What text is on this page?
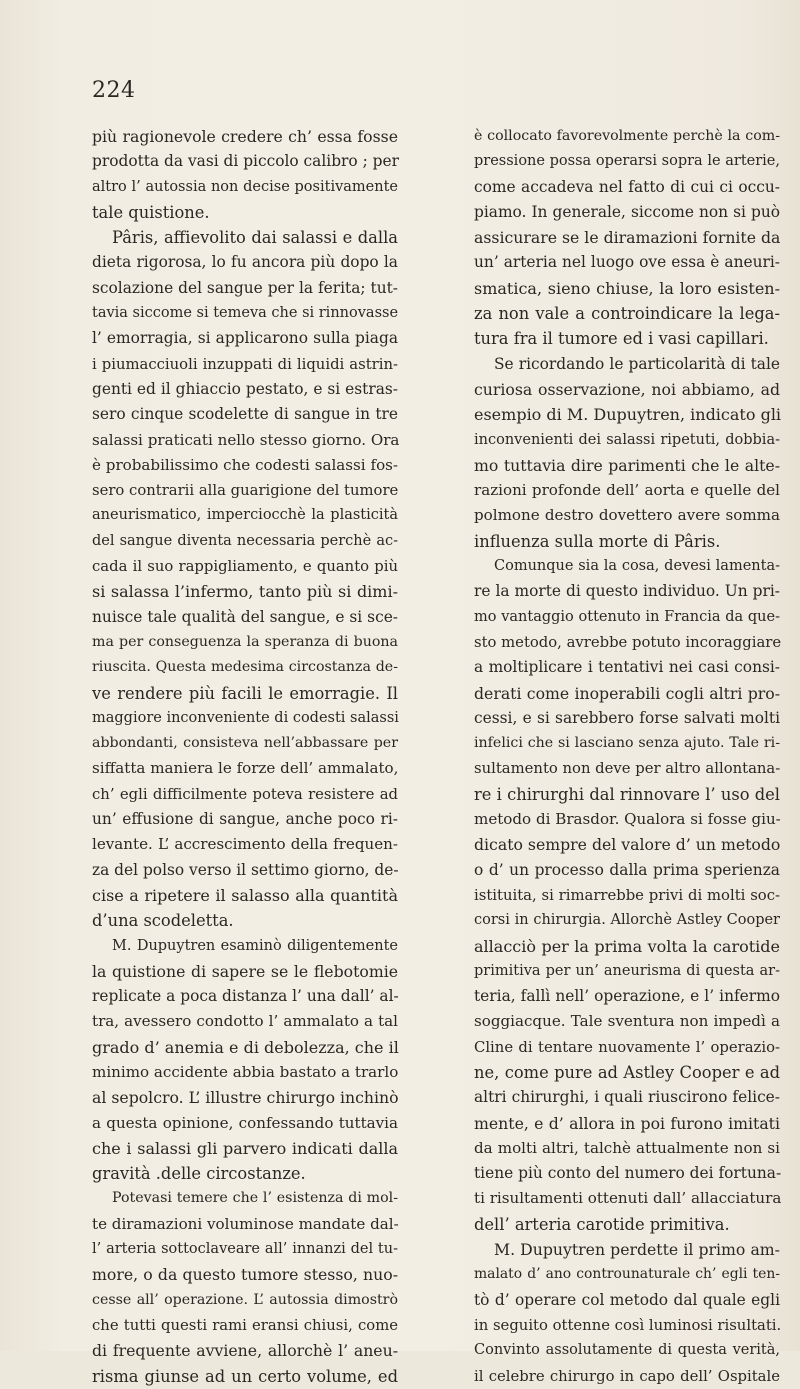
224
più ragionevole credere ch’ essa fosse
prodotta da vasi di piccolo calibro ; per
altro l’ autossia non decise positivamente
tale quistione.
Pâris, affievolito dai salassi e dalla
dieta rigorosa, lo fu ancora più dopo la
scolazione del sangue per la ferita; tut-
tavia siccome si temeva che si rinnovasse
l’ emorragia, si applicarono sulla piaga
i piumacciuoli inzuppati di liquidi astrin-
genti ed il ghiaccio pestato, e si estras-
sero cinque scodelette di sangue in tre
salassi praticati nello stesso giorno. Ora
è probabilissimo che codesti salassi fos-
sero contrarii alla guarigione del tumore
aneurismatico, imperciocchè la plasticità
del sangue diventa necessaria perchè ac-
cada il suo rappigliamento, e quanto più
si salassa l’infermo, tanto più si dimi-
nuisce tale qualità del sangue, e si sce-
ma per conseguenza la speranza di buona
riuscita. Questa medesima circostanza de-
ve rendere più facili le emorragie. Il
maggiore inconveniente di codesti salassi
abbondanti, consisteva nell’abbassare per
siffatta maniera le forze dell’ ammalato,
ch’ egli difficilmente poteva resistere ad
un’ effusione di sangue, anche poco ri-
levante. L’ accrescimento della frequen-
za del polso verso il settimo giorno, de-
cise a ripetere il salasso alla quantità
d’una scodeletta.
M. Dupuytren esaminò diligentemente
la quistione di sapere se le flebotomie
replicate a poca distanza l’ una dall’ al-
tra, avessero condotto l’ ammalato a tal
grado d’ anemia e di debolezza, che il
minimo accidente abbia bastato a trarlo
al sepolcro. L’ illustre chirurgo inchinò
a questa opinione, confessando tuttavia
che i salassi gli parvero indicati dalla
gravità .delle circostanze.
Potevasi temere che l’ esistenza di mol-
te diramazioni voluminose mandate dal-
l’ arteria sottoclaveare all’ innanzi del tu-
more, o da questo tumore stesso, nuo-
cesse all’ operazione. L’ autossia dimostrò
che tutti questi rami eransi chiusi, come
di frequente avviene, allorchè l’ aneu-
risma giunse ad un certo volume, ed
è collocato favorevolmente perchè la com-
pressione possa operarsi sopra le arterie,
come accadeva nel fatto di cui ci occu-
piamo. In generale, siccome non si può
assicurare se le diramazioni fornite da
un’ arteria nel luogo ove essa è aneuri-
smatica, sieno chiuse, la loro esisten-
za non vale a controindicare la lega-
tura fra il tumore ed i vasi capillari.
Se ricordando le particolarità di tale
curiosa osservazione, noi abbiamo, ad
esempio di M. Dupuytren, indicato gli
inconvenienti dei salassi ripetuti, dobbia-
mo tuttavia dire parimenti che le alte-
razioni profonde dell’ aorta e quelle del
polmone destro dovettero avere somma
influenza sulla morte di Pâris.
Comunque sia la cosa, devesi lamenta-
re la morte di questo individuo. Un pri-
mo vantaggio ottenuto in Francia da que-
sto metodo, avrebbe potuto incoraggiare
a moltiplicare i tentativi nei casi consi-
derati come inoperabili cogli altri pro-
cessi, e si sarebbero forse salvati molti
infelici che si lasciano senza ajuto. Tale ri-
sultamento non deve per altro allontana-
re i chirurghi dal rinnovare l’ uso del
metodo di Brasdor. Qualora si fosse giu-
dicato sempre del valore d’ un metodo
o d’ un processo dalla prima sperienza
istituita, si rimarrebbe privi di molti soc-
corsi in chirurgia. Allorchè Astley Cooper
allacciò per la prima volta la carotide
primitiva per un’ aneurisma di questa ar-
teria, fallì nell’ operazione, e l’ infermo
soggiacque. Tale sventura non impedì a
Cline di tentare nuovamente l’ operazio-
ne, come pure ad Astley Cooper e ad
altri chirurghi, i quali riuscirono felice-
mente, e d’ allora in poi furono imitati
da molti altri, talchè attualmente non si
tiene più conto del numero dei fortuna-
ti risultamenti ottenuti dall’ allacciatura
dell’ arteria carotide primitiva.
M. Dupuytren perdette il primo am-
malato d’ ano controunaturale ch’ egli ten-
tò d’ operare col metodo dal quale egli
in seguito ottenne così luminosi risultati.
Convinto assolutamente di questa verità,
il celebre chirurgo in capo dell’ Ospitale
